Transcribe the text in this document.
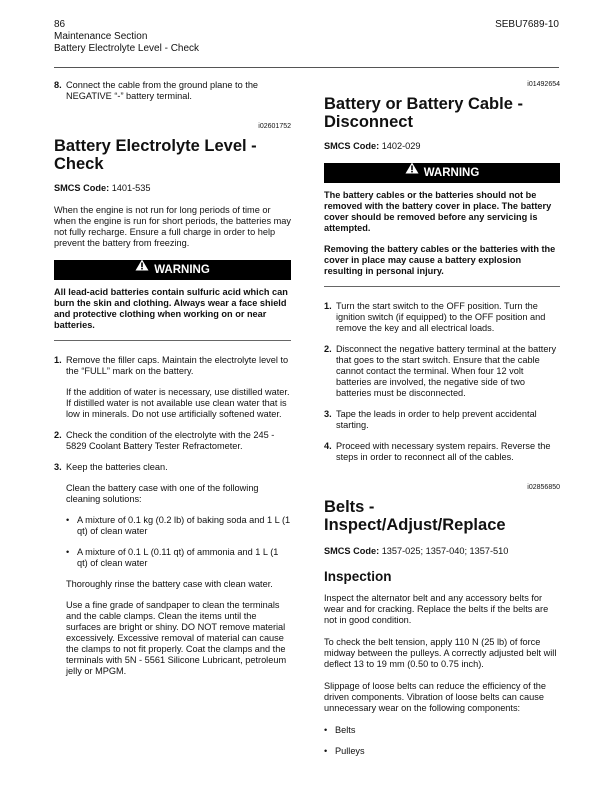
86
Maintenance Section
Battery Electrolyte Level - Check
SEBU7689-10
8. Connect the cable from the ground plane to the NEGATIVE “-” battery terminal.

i02601752

Battery Electrolyte Level - Check

SMCS Code: 1401-535

When the engine is not run for long periods of time or when the engine is run for short periods, the batteries may not fully recharge. Ensure a full charge in order to help prevent the battery from freezing.

WARNING

All lead-acid batteries contain sulfuric acid which can burn the skin and clothing. Always wear a face shield and protective clothing when working on or near batteries.

1. Remove the filler caps. Maintain the electrolyte level to the “FULL” mark on the battery.

If the addition of water is necessary, use distilled water. If distilled water is not available use clean water that is low in minerals. Do not use artificially softened water.

2. Check the condition of the electrolyte with the 245 - 5829 Coolant Battery Tester Refractometer.

3. Keep the batteries clean.

Clean the battery case with one of the following cleaning solutions:

• A mixture of 0.1 kg (0.2 lb) of baking soda and 1 L (1 qt) of clean water
• A mixture of 0.1 L (0.11 qt) of ammonia and 1 L (1 qt) of clean water

Thoroughly rinse the battery case with clean water.

Use a fine grade of sandpaper to clean the terminals and the cable clamps. Clean the items until the surfaces are bright or shiny. DO NOT remove material excessively. Excessive removal of material can cause the clamps to not fit properly. Coat the clamps and the terminals with 5N - 5561 Silicone Lubricant, petroleum jelly or MPGM.

i01492654

Battery or Battery Cable - Disconnect

SMCS Code: 1402-029

WARNING

The battery cables or the batteries should not be removed with the battery cover in place. The battery cover should be removed before any servicing is attempted.

Removing the battery cables or the batteries with the cover in place may cause a battery explosion resulting in personal injury.

1. Turn the start switch to the OFF position. Turn the ignition switch (if equipped) to the OFF position and remove the key and all electrical loads.
2. Disconnect the negative battery terminal at the battery that goes to the start switch. Ensure that the cable cannot contact the terminal. When four 12 volt batteries are involved, the negative side of two batteries must be disconnected.
3. Tape the leads in order to help prevent accidental starting.
4. Proceed with necessary system repairs. Reverse the steps in order to reconnect all of the cables.

i02856850

Belts - Inspect/Adjust/Replace

SMCS Code: 1357-025; 1357-040; 1357-510

Inspection

Inspect the alternator belt and any accessory belts for wear and for cracking. Replace the belts if the belts are not in good condition.

To check the belt tension, apply 110 N (25 lb) of force midway between the pulleys. A correctly adjusted belt will deflect 13 to 19 mm (0.50 to 0.75 inch).

Slippage of loose belts can reduce the efficiency of the driven components. Vibration of loose belts can cause unnecessary wear on the following components:

• Belts
• Pulleys
